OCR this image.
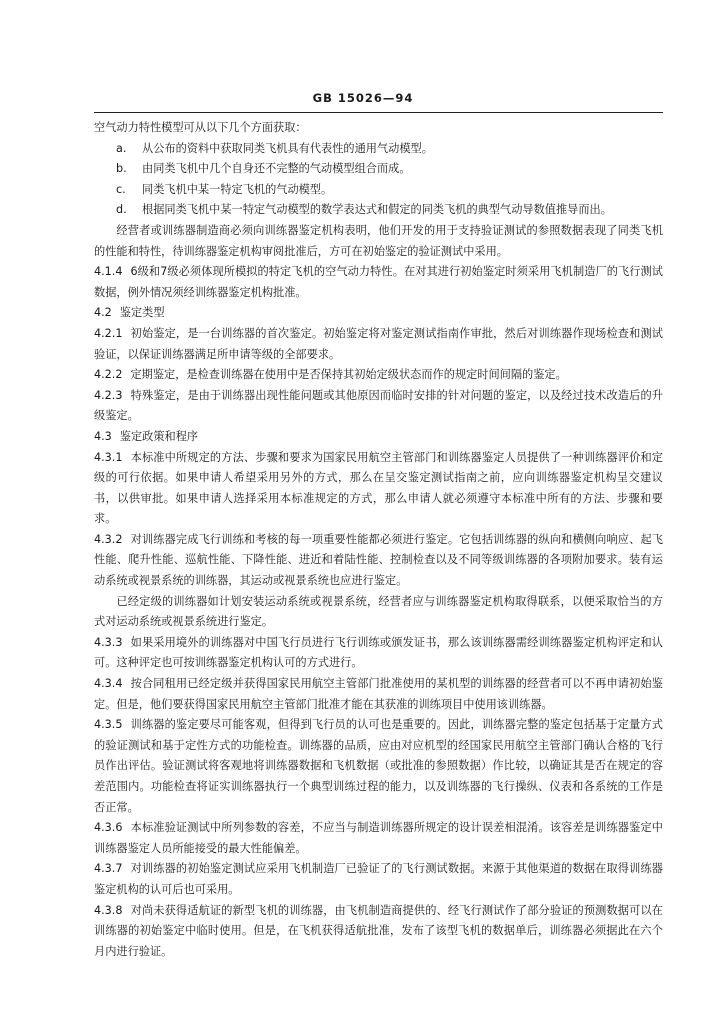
GB 15026—94

空气动力特性模型可从以下几个方面获取：

a. 从公布的资料中获取同类飞机具有代表性的通用气动模型。

b. 由同类飞机中几个自身还不完整的气动模型组合而成。

c. 同类飞机中某一特定飞机的气动模型。

d. 根据同类飞机中某一特定气动模型的数学表达式和假定的同类飞机的典型气动导数值推导而出。

经营者或训练器制造商必须向训练器鉴定机构表明，他们开发的用于支持验证测试的参照数据表现了同类飞机的性能和特性，待训练器鉴定机构审阅批准后，方可在初始鉴定的验证测试中采用。

4.1.4 6级和7级必须体现所模拟的特定飞机的空气动力特性。在对其进行初始鉴定时须采用飞机制造厂的飞行测试数据，例外情况须经训练器鉴定机构批准。

4.2 鉴定类型

4.2.1 初始鉴定，是一台训练器的首次鉴定。初始鉴定将对鉴定测试指南作审批，然后对训练器作现场检查和测试验证，以保证训练器满足所申请等级的全部要求。

4.2.2 定期鉴定，是检查训练器在使用中是否保持其初始定级状态而作的规定时间间隔的鉴定。

4.2.3 特殊鉴定，是由于训练器出现性能问题或其他原因而临时安排的针对问题的鉴定，以及经过技术改造后的升级鉴定。

4.3 鉴定政策和程序

4.3.1 本标准中所规定的方法、步骤和要求为国家民用航空主管部门和训练器鉴定人员提供了一种训练器评价和定级的可行依据。如果申请人希望采用另外的方式，那么在呈交鉴定测试指南之前，应向训练器鉴定机构呈交建议书，以供审批。如果申请人选择采用本标准规定的方式，那么申请人就必须遵守本标准中所有的方法、步骤和要求。

4.3.2 对训练器完成飞行训练和考核的每一项重要性能都必须进行鉴定。它包括训练器的纵向和横侧向响应、起飞性能、爬升性能、巡航性能、下降性能、进近和着陆性能、控制检查以及不同等级训练器的各项附加要求。装有运动系统或视景系统的训练器，其运动或视景系统也应进行鉴定。

已经定级的训练器如计划安装运动系统或视景系统，经营者应与训练器鉴定机构取得联系，以便采取恰当的方式对运动系统或视景系统进行鉴定。

4.3.3 如果采用境外的训练器对中国飞行员进行飞行训练或颁发证书，那么该训练器需经训练器鉴定机构评定和认可。这种评定也可按训练器鉴定机构认可的方式进行。

4.3.4 按合同租用已经定级并获得国家民用航空主管部门批准使用的某机型的训练器的经营者可以不再申请初始鉴定。但是，他们要获得国家民用航空主管部门批准才能在其获准的训练项目中使用该训练器。

4.3.5 训练器的鉴定要尽可能客观，但得到飞行员的认可也是重要的。因此，训练器完整的鉴定包括基于定量方式的验证测试和基于定性方式的功能检查。训练器的品质，应由对应机型的经国家民用航空主管部门确认合格的飞行员作出评估。验证测试将客观地将训练器数据和飞机数据（或批准的参照数据）作比较，以确证其是否在规定的容差范围内。功能检查将证实训练器执行一个典型训练过程的能力，以及训练器的飞行操纵、仪表和各系统的工作是否正常。

4.3.6 本标准验证测试中所列参数的容差，不应当与制造训练器所规定的设计误差相混淆。该容差是训练器鉴定中训练器鉴定人员所能接受的最大性能偏差。

4.3.7 对训练器的初始鉴定测试应采用飞机制造厂已验证了的飞行测试数据。来源于其他渠道的数据在取得训练器鉴定机构的认可后也可采用。

4.3.8 对尚未获得适航证的新型飞机的训练器，由飞机制造商提供的、经飞行测试作了部分验证的预测数据可以在训练器的初始鉴定中临时使用。但是，在飞机获得适航批准，发布了该型飞机的数据单后，训练器必须据此在六个月内进行验证。
